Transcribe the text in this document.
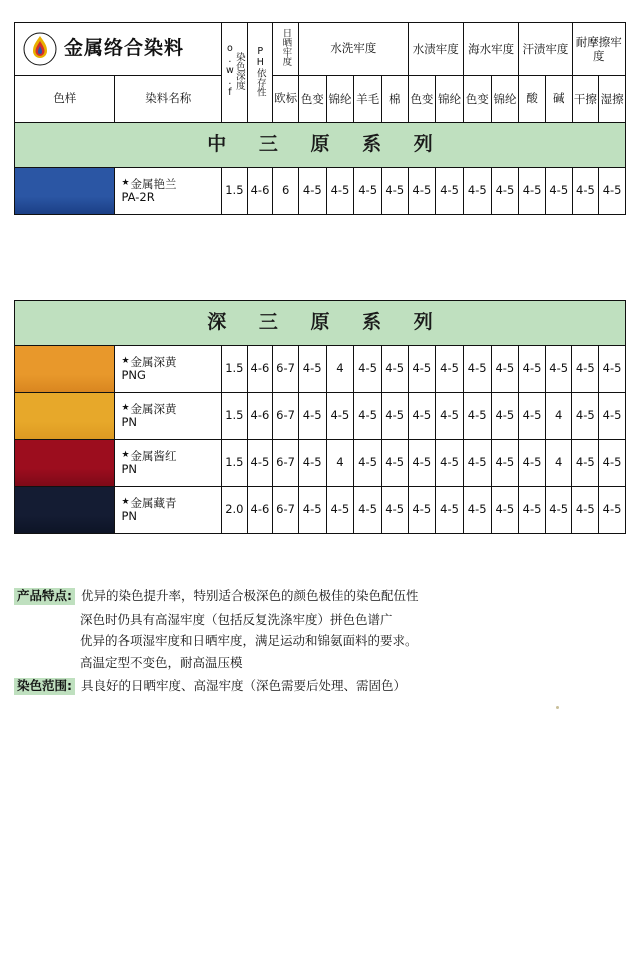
金属络合染料		染色深度 o.w.f	PH依存性	日晒牢度	水洗牢度				水渍牢度		海水牢度		汗渍牢度		耐摩擦牢度	
色样	染料名称			欧标	色变	锦纶	羊毛	棉	色变	锦纶	色变	锦纶	酸	碱	干擦	湿擦
中 三 原 系 列																

	★金属艳兰
PA-2R	1.5	4-6	6	4-5	4-5	4-5	4-5	4-5	4-5	4-5	4-5	4-5	4-5	4-5	4-5
深 三 原 系 列																

	★金属深黄
PNG	1.5	4-6	6-7	4-5	4	4-5	4-5	4-5	4-5	4-5	4-5	4-5	4-5	4-5	4-5

	★金属深黄
PN	1.5	4-6	6-7	4-5	4-5	4-5	4-5	4-5	4-5	4-5	4-5	4-5	4	4-5	4-5

	★金属酱红
PN	1.5	4-5	6-7	4-5	4	4-5	4-5	4-5	4-5	4-5	4-5	4-5	4	4-5	4-5

	★金属藏青
PN	2.0	4-6	6-7	4-5	4-5	4-5	4-5	4-5	4-5	4-5	4-5	4-5	4-5	4-5	4-5
产品特点: 优异的染色提升率，特别适合极深色的颜色极佳的染色配伍性
深色时仍具有高湿牢度（包括反复洗涤牢度）拼色色谱广
优异的各项湿牢度和日晒牢度，满足运动和锦氨面料的要求。
高温定型不变色，耐高温压模
染色范围: 具良好的日晒牢度、高湿牢度（深色需要后处理、需固色）
